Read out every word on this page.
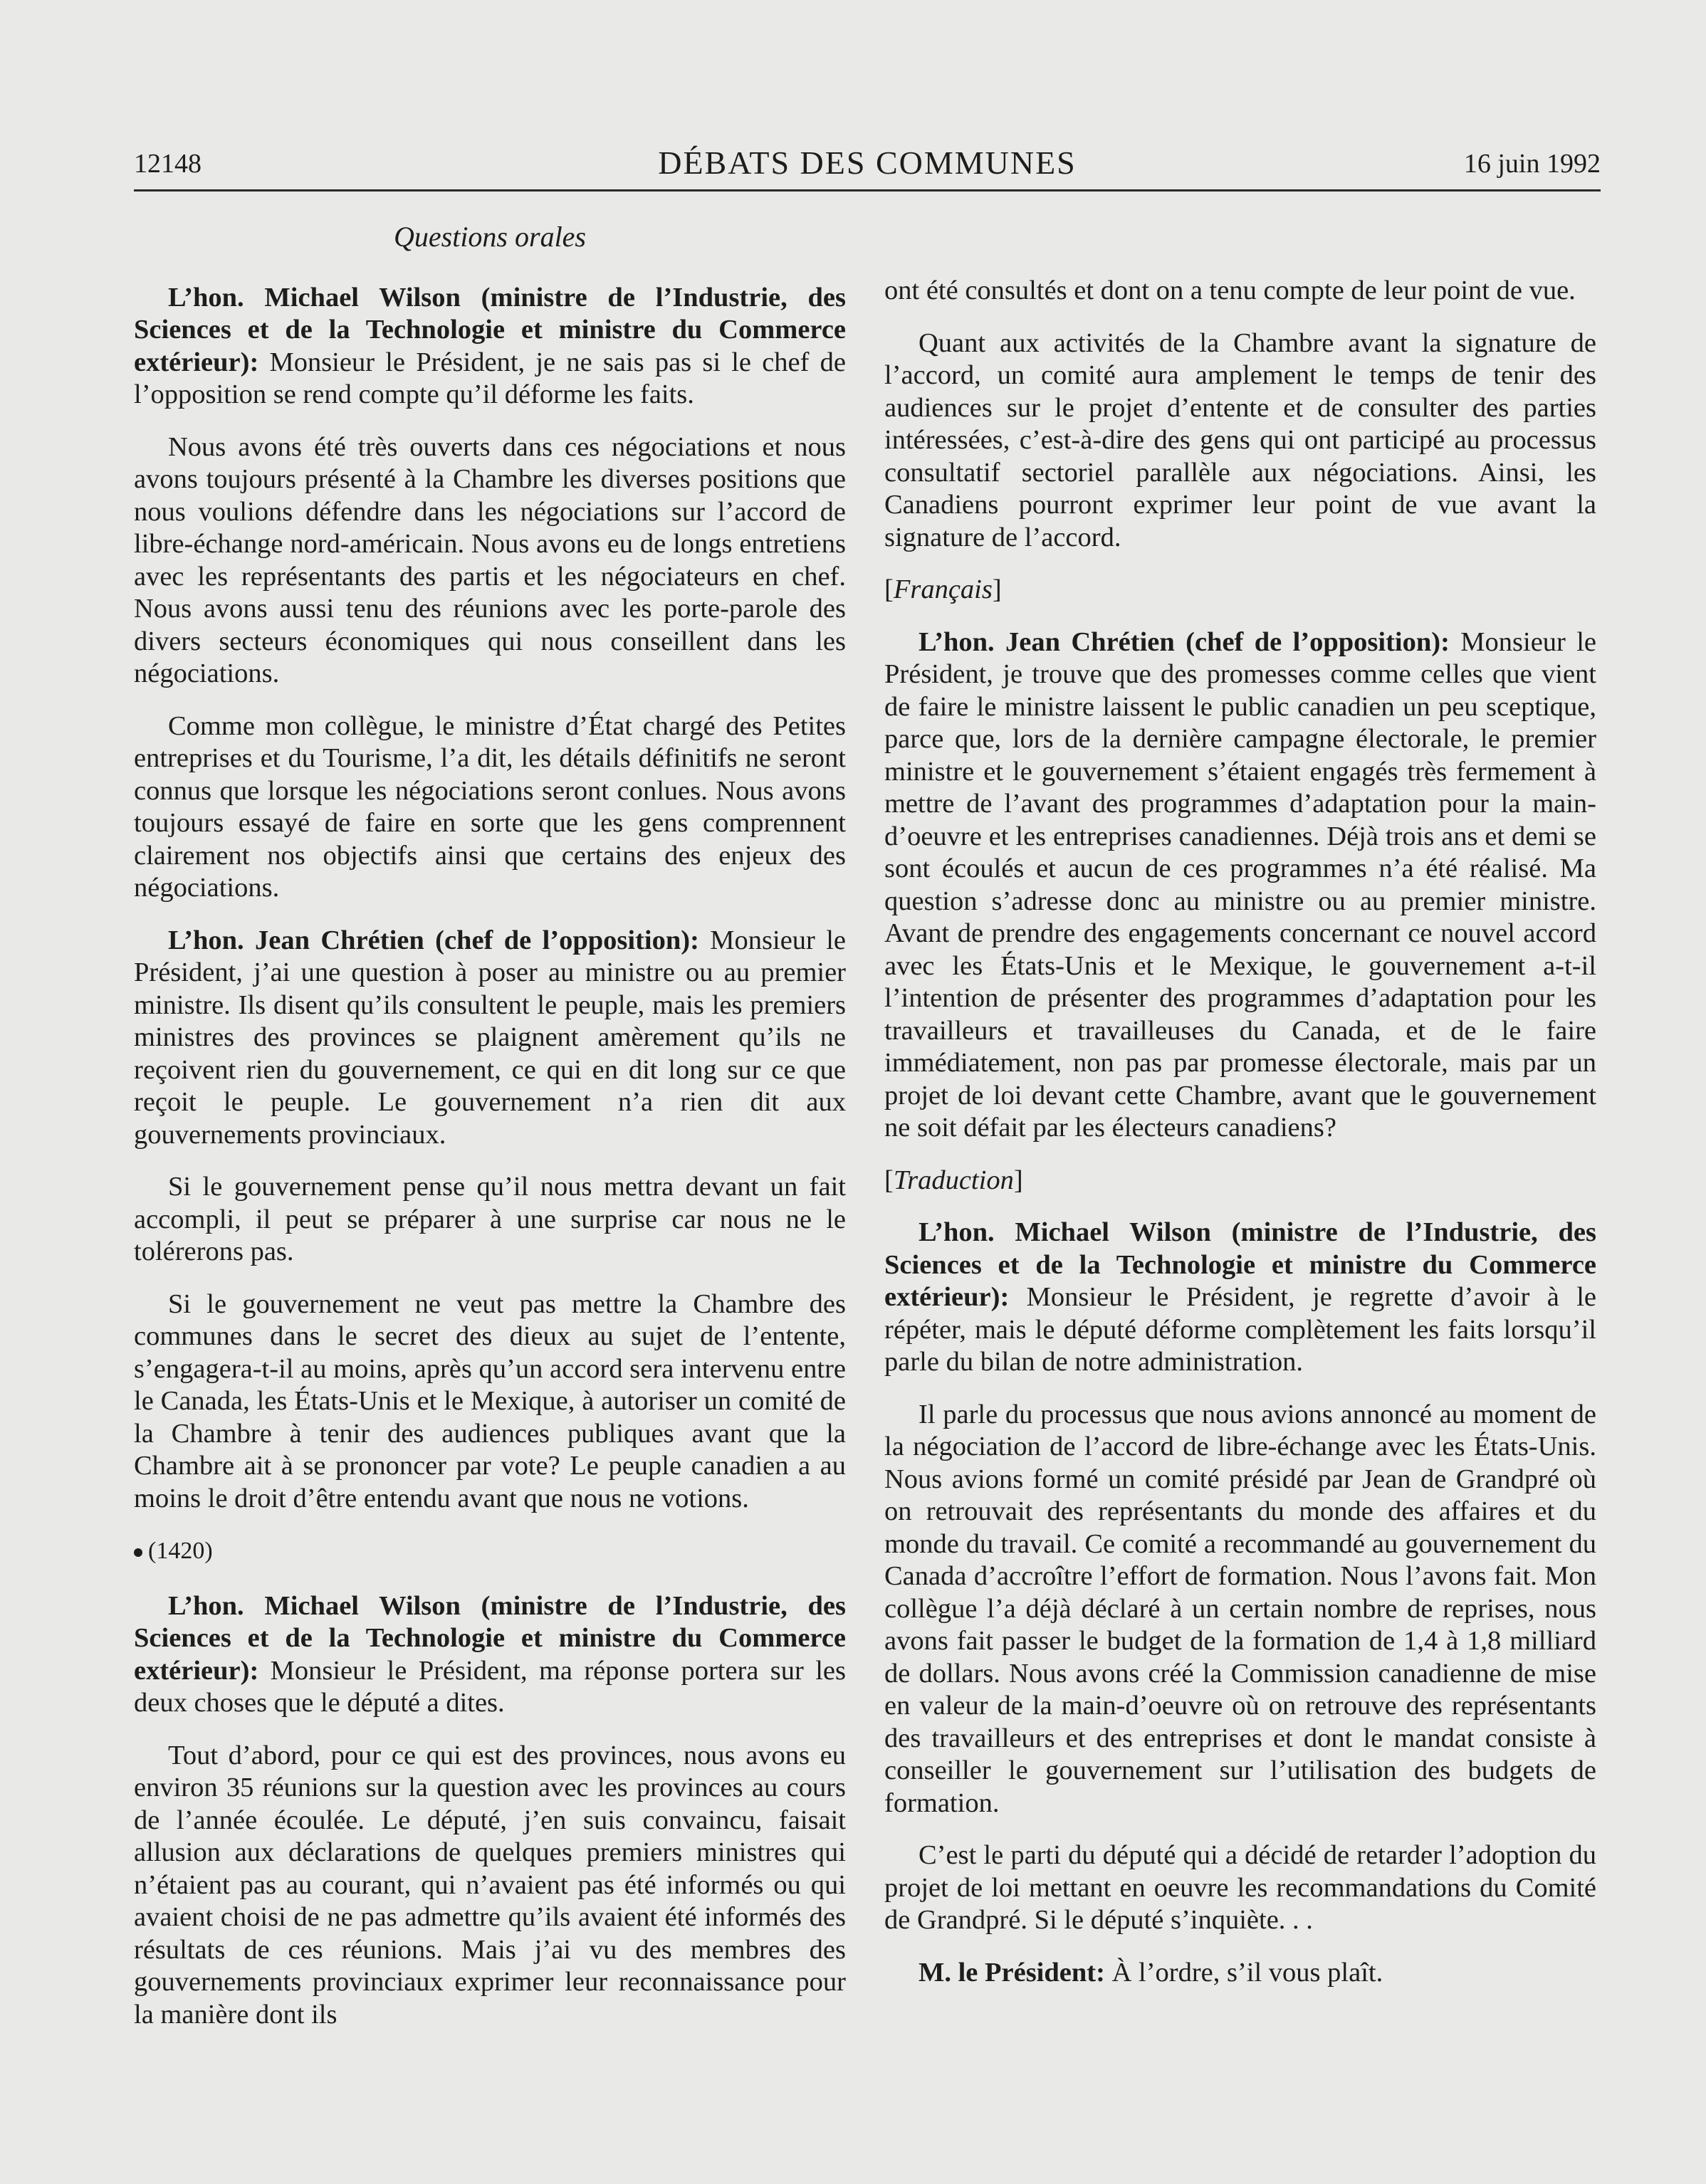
12148	DÉBATS DES COMMUNES	16 juin 1992
Questions orales

L’hon. Michael Wilson (ministre de l’Industrie, des Sciences et de la Technologie et ministre du Commerce extérieur): Monsieur le Président, je ne sais pas si le chef de l’opposition se rend compte qu’il déforme les faits.

Nous avons été très ouverts dans ces négociations et nous avons toujours présenté à la Chambre les diverses positions que nous voulions défendre dans les négociations sur l’accord de libre-échange nord-américain. Nous avons eu de longs entretiens avec les représentants des partis et les négociateurs en chef. Nous avons aussi tenu des réunions avec les porte-parole des divers secteurs économiques qui nous conseillent dans les négociations.

Comme mon collègue, le ministre d’État chargé des Petites entreprises et du Tourisme, l’a dit, les détails définitifs ne seront connus que lorsque les négociations seront conlues. Nous avons toujours essayé de faire en sorte que les gens comprennent clairement nos objectifs ainsi que certains des enjeux des négociations.

L’hon. Jean Chrétien (chef de l’opposition): Monsieur le Président, j’ai une question à poser au ministre ou au premier ministre. Ils disent qu’ils consultent le peuple, mais les premiers ministres des provinces se plaignent amèrement qu’ils ne reçoivent rien du gouvernement, ce qui en dit long sur ce que reçoit le peuple. Le gouvernement n’a rien dit aux gouvernements provinciaux.

Si le gouvernement pense qu’il nous mettra devant un fait accompli, il peut se préparer à une surprise car nous ne le tolérerons pas.

Si le gouvernement ne veut pas mettre la Chambre des communes dans le secret des dieux au sujet de l’entente, s’engagera-t-il au moins, après qu’un accord sera intervenu entre le Canada, les États-Unis et le Mexique, à autoriser un comité de la Chambre à tenir des audiences publiques avant que la Chambre ait à se prononcer par vote? Le peuple canadien a au moins le droit d’être entendu avant que nous ne votions.

(1420)

L’hon. Michael Wilson (ministre de l’Industrie, des Sciences et de la Technologie et ministre du Commerce extérieur): Monsieur le Président, ma réponse portera sur les deux choses que le député a dites.

Tout d’abord, pour ce qui est des provinces, nous avons eu environ 35 réunions sur la question avec les provinces au cours de l’année écoulée. Le député, j’en suis convaincu, faisait allusion aux déclarations de quelques premiers ministres qui n’étaient pas au courant, qui n’avaient pas été informés ou qui avaient choisi de ne pas admettre qu’ils avaient été informés des résultats de ces réunions. Mais j’ai vu des membres des gouvernements provinciaux exprimer leur reconnaissance pour la manière dont ils

ont été consultés et dont on a tenu compte de leur point de vue.

Quant aux activités de la Chambre avant la signature de l’accord, un comité aura amplement le temps de tenir des audiences sur le projet d’entente et de consulter des parties intéressées, c’est-à-dire des gens qui ont participé au processus consultatif sectoriel parallèle aux négociations. Ainsi, les Canadiens pourront exprimer leur point de vue avant la signature de l’accord.

[ Français ]

L’hon. Jean Chrétien (chef de l’opposition): Monsieur le Président, je trouve que des promesses comme celles que vient de faire le ministre laissent le public canadien un peu sceptique, parce que, lors de la dernière campagne électorale, le premier ministre et le gouvernement s’étaient engagés très fermement à mettre de l’avant des programmes d’adaptation pour la main-d’oeuvre et les entreprises canadiennes. Déjà trois ans et demi se sont écoulés et aucun de ces programmes n’a été réalisé. Ma question s’adresse donc au ministre ou au premier ministre. Avant de prendre des engagements concernant ce nouvel accord avec les États-Unis et le Mexique, le gouvernement a-t-il l’intention de présenter des programmes d’adaptation pour les travailleurs et travailleuses du Canada, et de le faire immédiatement, non pas par promesse électorale, mais par un projet de loi devant cette Chambre, avant que le gouvernement ne soit défait par les électeurs canadiens?

[ Traduction ]

L’hon. Michael Wilson (ministre de l’Industrie, des Sciences et de la Technologie et ministre du Commerce extérieur): Monsieur le Président, je regrette d’avoir à le répéter, mais le député déforme complètement les faits lorsqu’il parle du bilan de notre administration.

Il parle du processus que nous avions annoncé au moment de la négociation de l’accord de libre-échange avec les États-Unis. Nous avions formé un comité présidé par Jean de Grandpré où on retrouvait des représentants du monde des affaires et du monde du travail. Ce comité a recommandé au gouvernement du Canada d’accroître l’effort de formation. Nous l’avons fait. Mon collègue l’a déjà déclaré à un certain nombre de reprises, nous avons fait passer le budget de la formation de 1,4 à 1,8 milliard de dollars. Nous avons créé la Commission canadienne de mise en valeur de la main-d’oeuvre où on retrouve des représentants des travailleurs et des entreprises et dont le mandat consiste à conseiller le gouvernement sur l’utilisation des budgets de formation.

C’est le parti du député qui a décidé de retarder l’adoption du projet de loi mettant en oeuvre les recommandations du Comité de Grandpré. Si le député s’inquiète. . .

M. le Président: À l’ordre, s’il vous plaît.
